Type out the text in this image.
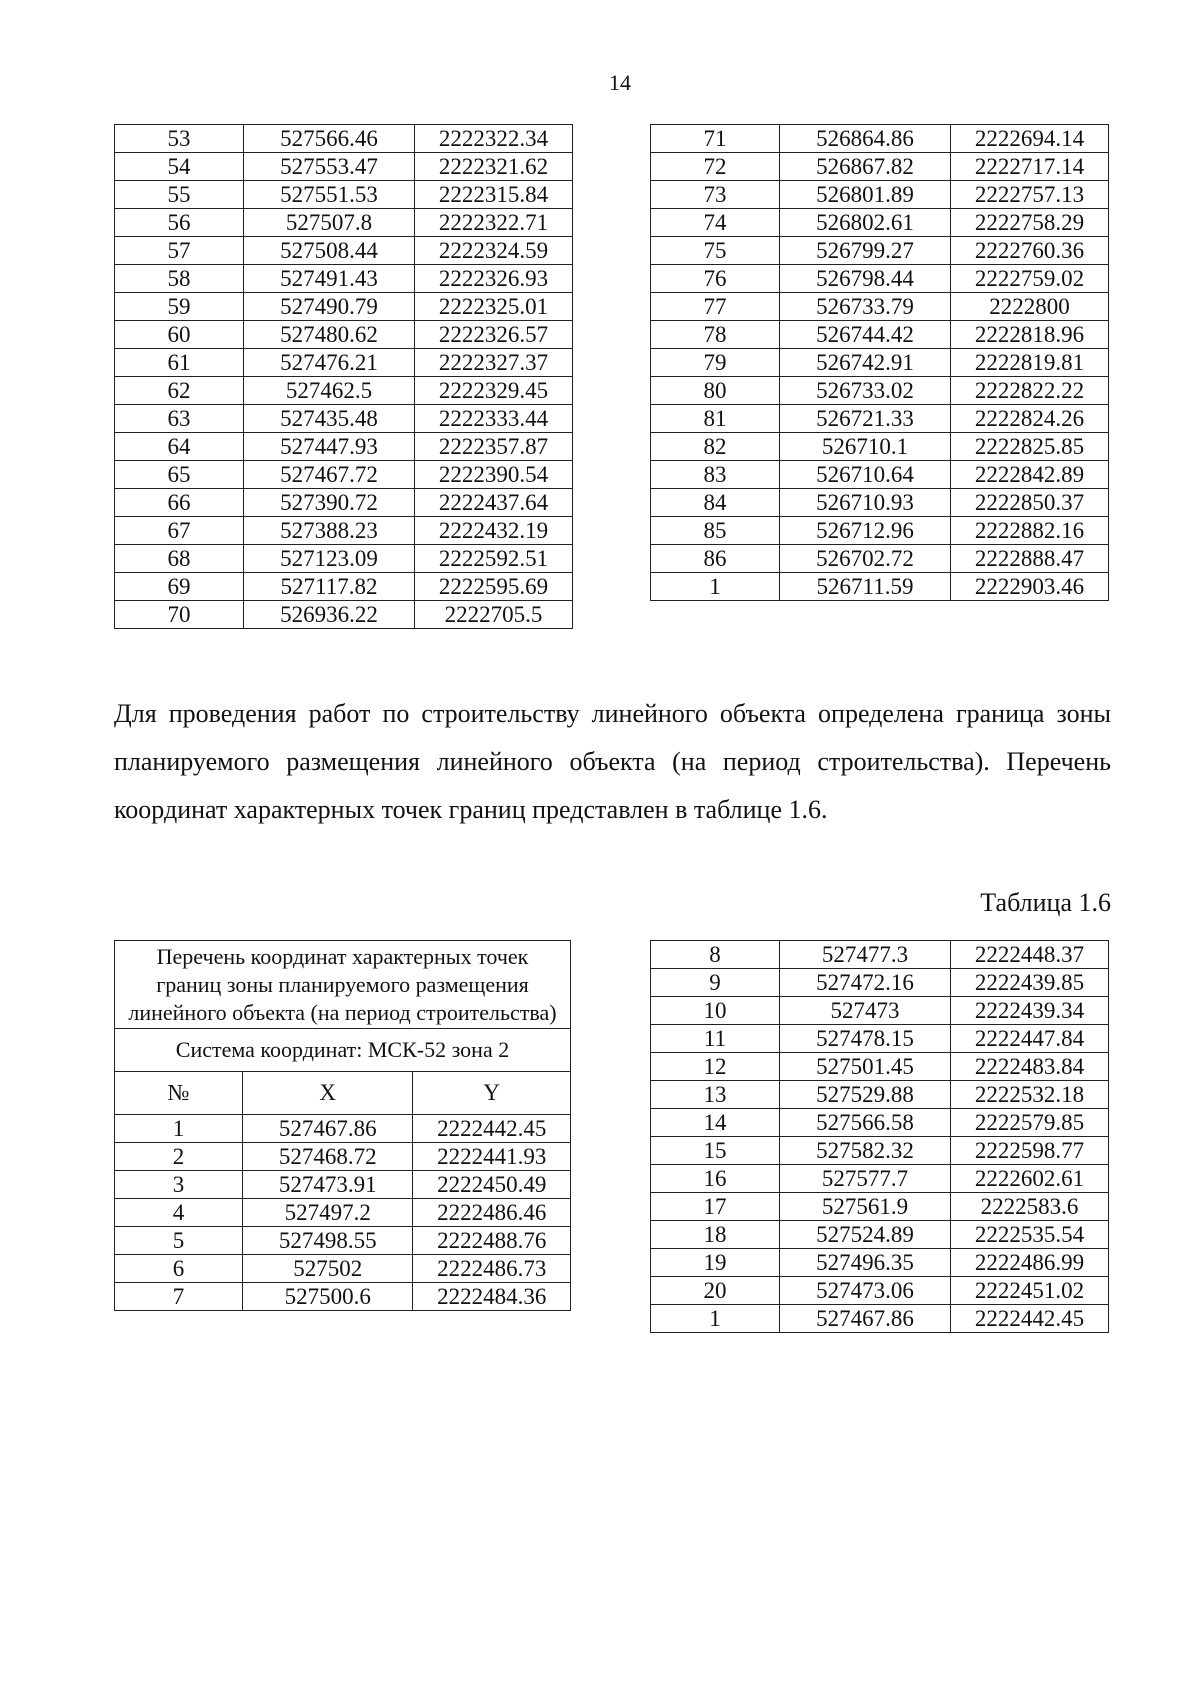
14
53	527566.46	2222322.34
54	527553.47	2222321.62
55	527551.53	2222315.84
56	527507.8	2222322.71
57	527508.44	2222324.59
58	527491.43	2222326.93
59	527490.79	2222325.01
60	527480.62	2222326.57
61	527476.21	2222327.37
62	527462.5	2222329.45
63	527435.48	2222333.44
64	527447.93	2222357.87
65	527467.72	2222390.54
66	527390.72	2222437.64
67	527388.23	2222432.19
68	527123.09	2222592.51
69	527117.82	2222595.69
70	526936.22	2222705.5
71	526864.86	2222694.14
72	526867.82	2222717.14
73	526801.89	2222757.13
74	526802.61	2222758.29
75	526799.27	2222760.36
76	526798.44	2222759.02
77	526733.79	2222800
78	526744.42	2222818.96
79	526742.91	2222819.81
80	526733.02	2222822.22
81	526721.33	2222824.26
82	526710.1	2222825.85
83	526710.64	2222842.89
84	526710.93	2222850.37
85	526712.96	2222882.16
86	526702.72	2222888.47
1	526711.59	2222903.46

Для проведения работ по строительству линейного объекта определена граница зоны планируемого размещения линейного объекта (на период строительства). Перечень координат характерных точек границ представлен в таблице 1.6.

Таблица 1.6
Перечень координат характерных точек границ зоны планируемого размещения линейного объекта (на период строительства)		
Система координат: МСК-52 зона 2		
№	X	Y
1	527467.86	2222442.45
2	527468.72	2222441.93
3	527473.91	2222450.49
4	527497.2	2222486.46
5	527498.55	2222488.76
6	527502	2222486.73
7	527500.6	2222484.36
8	527477.3	2222448.37
9	527472.16	2222439.85
10	527473	2222439.34
11	527478.15	2222447.84
12	527501.45	2222483.84
13	527529.88	2222532.18
14	527566.58	2222579.85
15	527582.32	2222598.77
16	527577.7	2222602.61
17	527561.9	2222583.6
18	527524.89	2222535.54
19	527496.35	2222486.99
20	527473.06	2222451.02
1	527467.86	2222442.45
